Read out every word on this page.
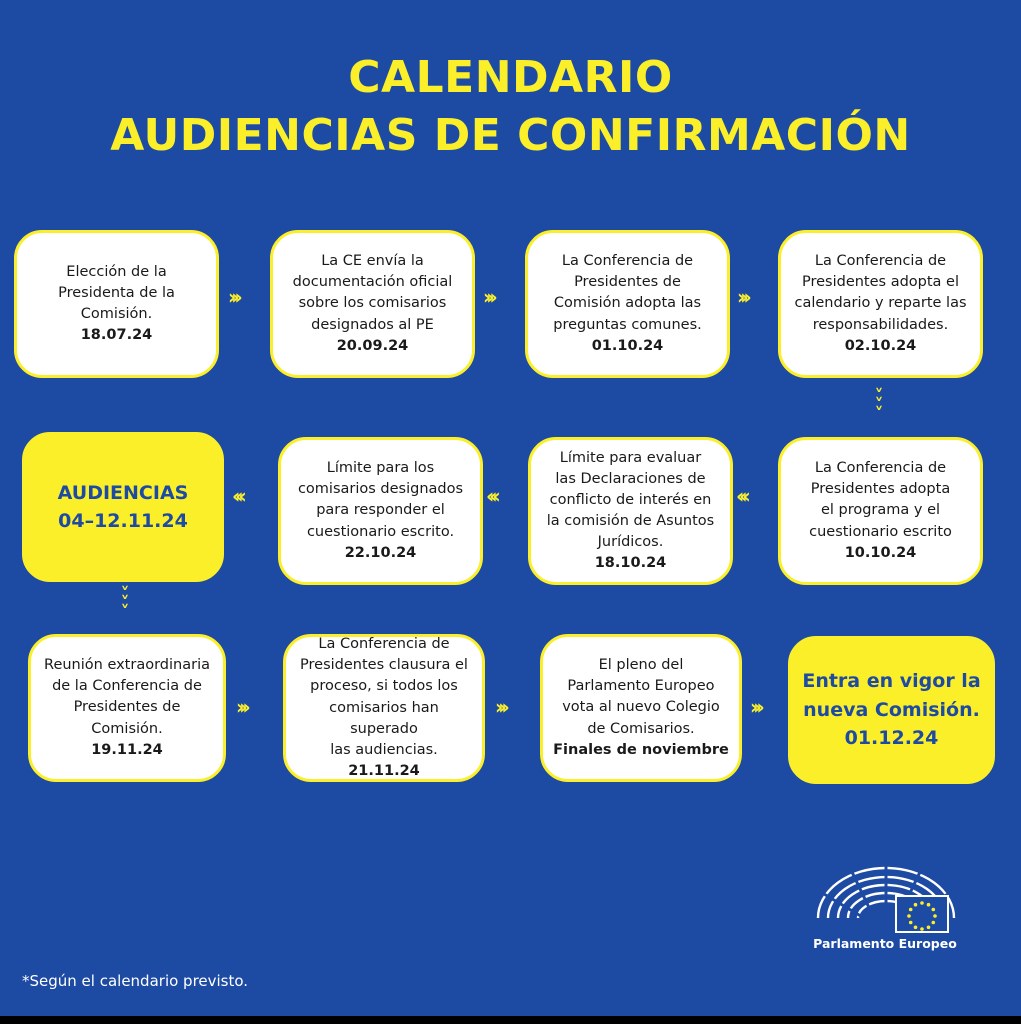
CALENDARIO
AUDIENCIAS DE CONFIRMACIÓN
Elección de la
Presidenta de la
Comisión.
18.07.24
›››
La CE envía la
documentación oficial
sobre los comisarios
designados al PE
20.09.24
›››
La Conferencia de
Presidentes de
Comisión adopta las
preguntas comunes.
01.10.24
›››
La Conferencia de
Presidentes adopta el
calendario y reparte las
responsabilidades.
02.10.24
˅
˅
˅
La Conferencia de
Presidentes adopta
el programa y el
cuestionario escrito
10.10.24
‹‹‹
Límite para evaluar
las Declaraciones de
conflicto de interés en
la comisión de Asuntos
Jurídicos.
18.10.24
‹‹‹
Límite para los
comisarios designados
para responder el
cuestionario escrito.
22.10.24
‹‹‹
AUDIENCIAS
04–12.11.24
˅
˅
˅
Reunión extraordinaria
de la Conferencia de
Presidentes de
Comisión.
19.11.24
›››
La Conferencia de
Presidentes clausura el
proceso, si todos los
comisarios han superado
las audiencias.
21.11.24
›››
El pleno del
Parlamento Europeo
vota al nuevo Colegio
de Comisarios.
Finales de noviembre
›››
Entra en vigor la
nueva Comisión.
01.12.24
Parlamento Europeo
*Según el calendario previsto.
